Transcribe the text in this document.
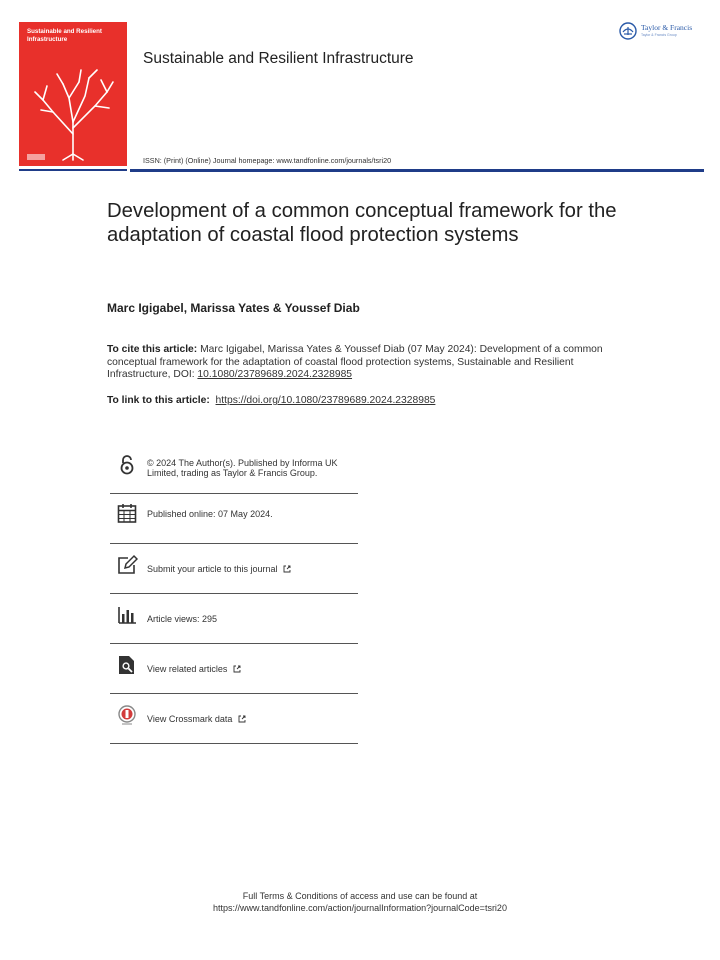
Sustainable and Resilient Infrastructure
Sustainable and Resilient Infrastructure
Taylor & Francis
Taylor & Francis Group
ISSN: (Print) (Online) Journal homepage: www.tandfonline.com/journals/tsri20
Development of a common conceptual framework for the adaptation of coastal flood protection systems
Marc Igigabel, Marissa Yates & Youssef Diab
To cite this article: Marc Igigabel, Marissa Yates & Youssef Diab (07 May 2024): Development of a common conceptual framework for the adaptation of coastal flood protection systems, Sustainable and Resilient Infrastructure, DOI: 10.1080/23789689.2024.2328985
To link to this article: https://doi.org/10.1080/23789689.2024.2328985
© 2024 The Author(s). Published by Informa UK Limited, trading as Taylor & Francis Group.
Published online: 07 May 2024.
Submit your article to this journal
Article views: 295
View related articles
View Crossmark data
Full Terms & Conditions of access and use can be found at
https://www.tandfonline.com/action/journalInformation?journalCode=tsri20
